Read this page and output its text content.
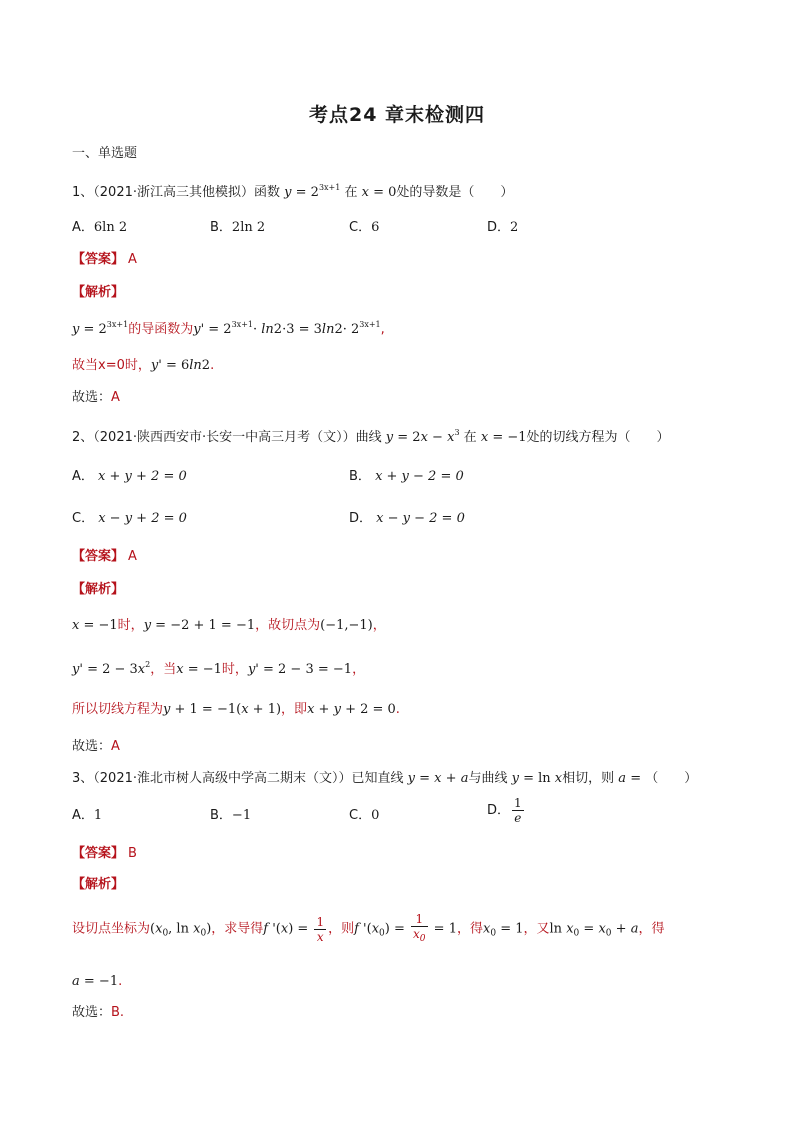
考点24 章末检测四
一、单选题
1、（2021·浙江高三其他模拟）函数 $y = 2^{3x+1}$ 在 x = 0处的导数是（　　）
A．6ln 2	B．2ln 2	C．6	D．2
【答案】 A
【解析】
$y = 2^{3x+1}$的导函数为$y' = 2^{3x+1}\cdot \ln 2\cdot 3 = 3\ln 2\cdot 2^{3x+1}$,
故当x=0时，y' = 6ln2.
故选：A
2、（2021·陕西西安市·长安一中高三月考（文））曲线 $y = 2x - x^3$ 在 x = −1处的切线方程为（　　）
A． x + y + 2 = 0	B． x + y − 2 = 0
C． x − y + 2 = 0	D． x − y − 2 = 0
【答案】 A
【解析】
x = −1时，y = −2 + 1 = −1，故切点为(−1,−1)，
$y' = 2 - 3x^2$，当x = −1时，y' = 2 − 3 = −1，
所以切线方程为y + 1 = −1(x + 1)，即x + y + 2 = 0.
故选：A
3、（2021·淮北市树人高级中学高二期末（文））已知直线 y = x + a与曲线 y = ln x相切，则 a = （　　）
A．1	B．−1	C．0	D． $\frac{1}{e}$
【答案】 B
【解析】
设切点坐标为($x_0$, $\ln x_0$)，求导得f '$(x) = \frac{1}{x}$ ，则f '$(x_0) = \frac{1}{x_0} = 1$，得$x_0 = 1$，又$\ln x_0 = x_0 + a$，得
a = −1.
故选：B.
